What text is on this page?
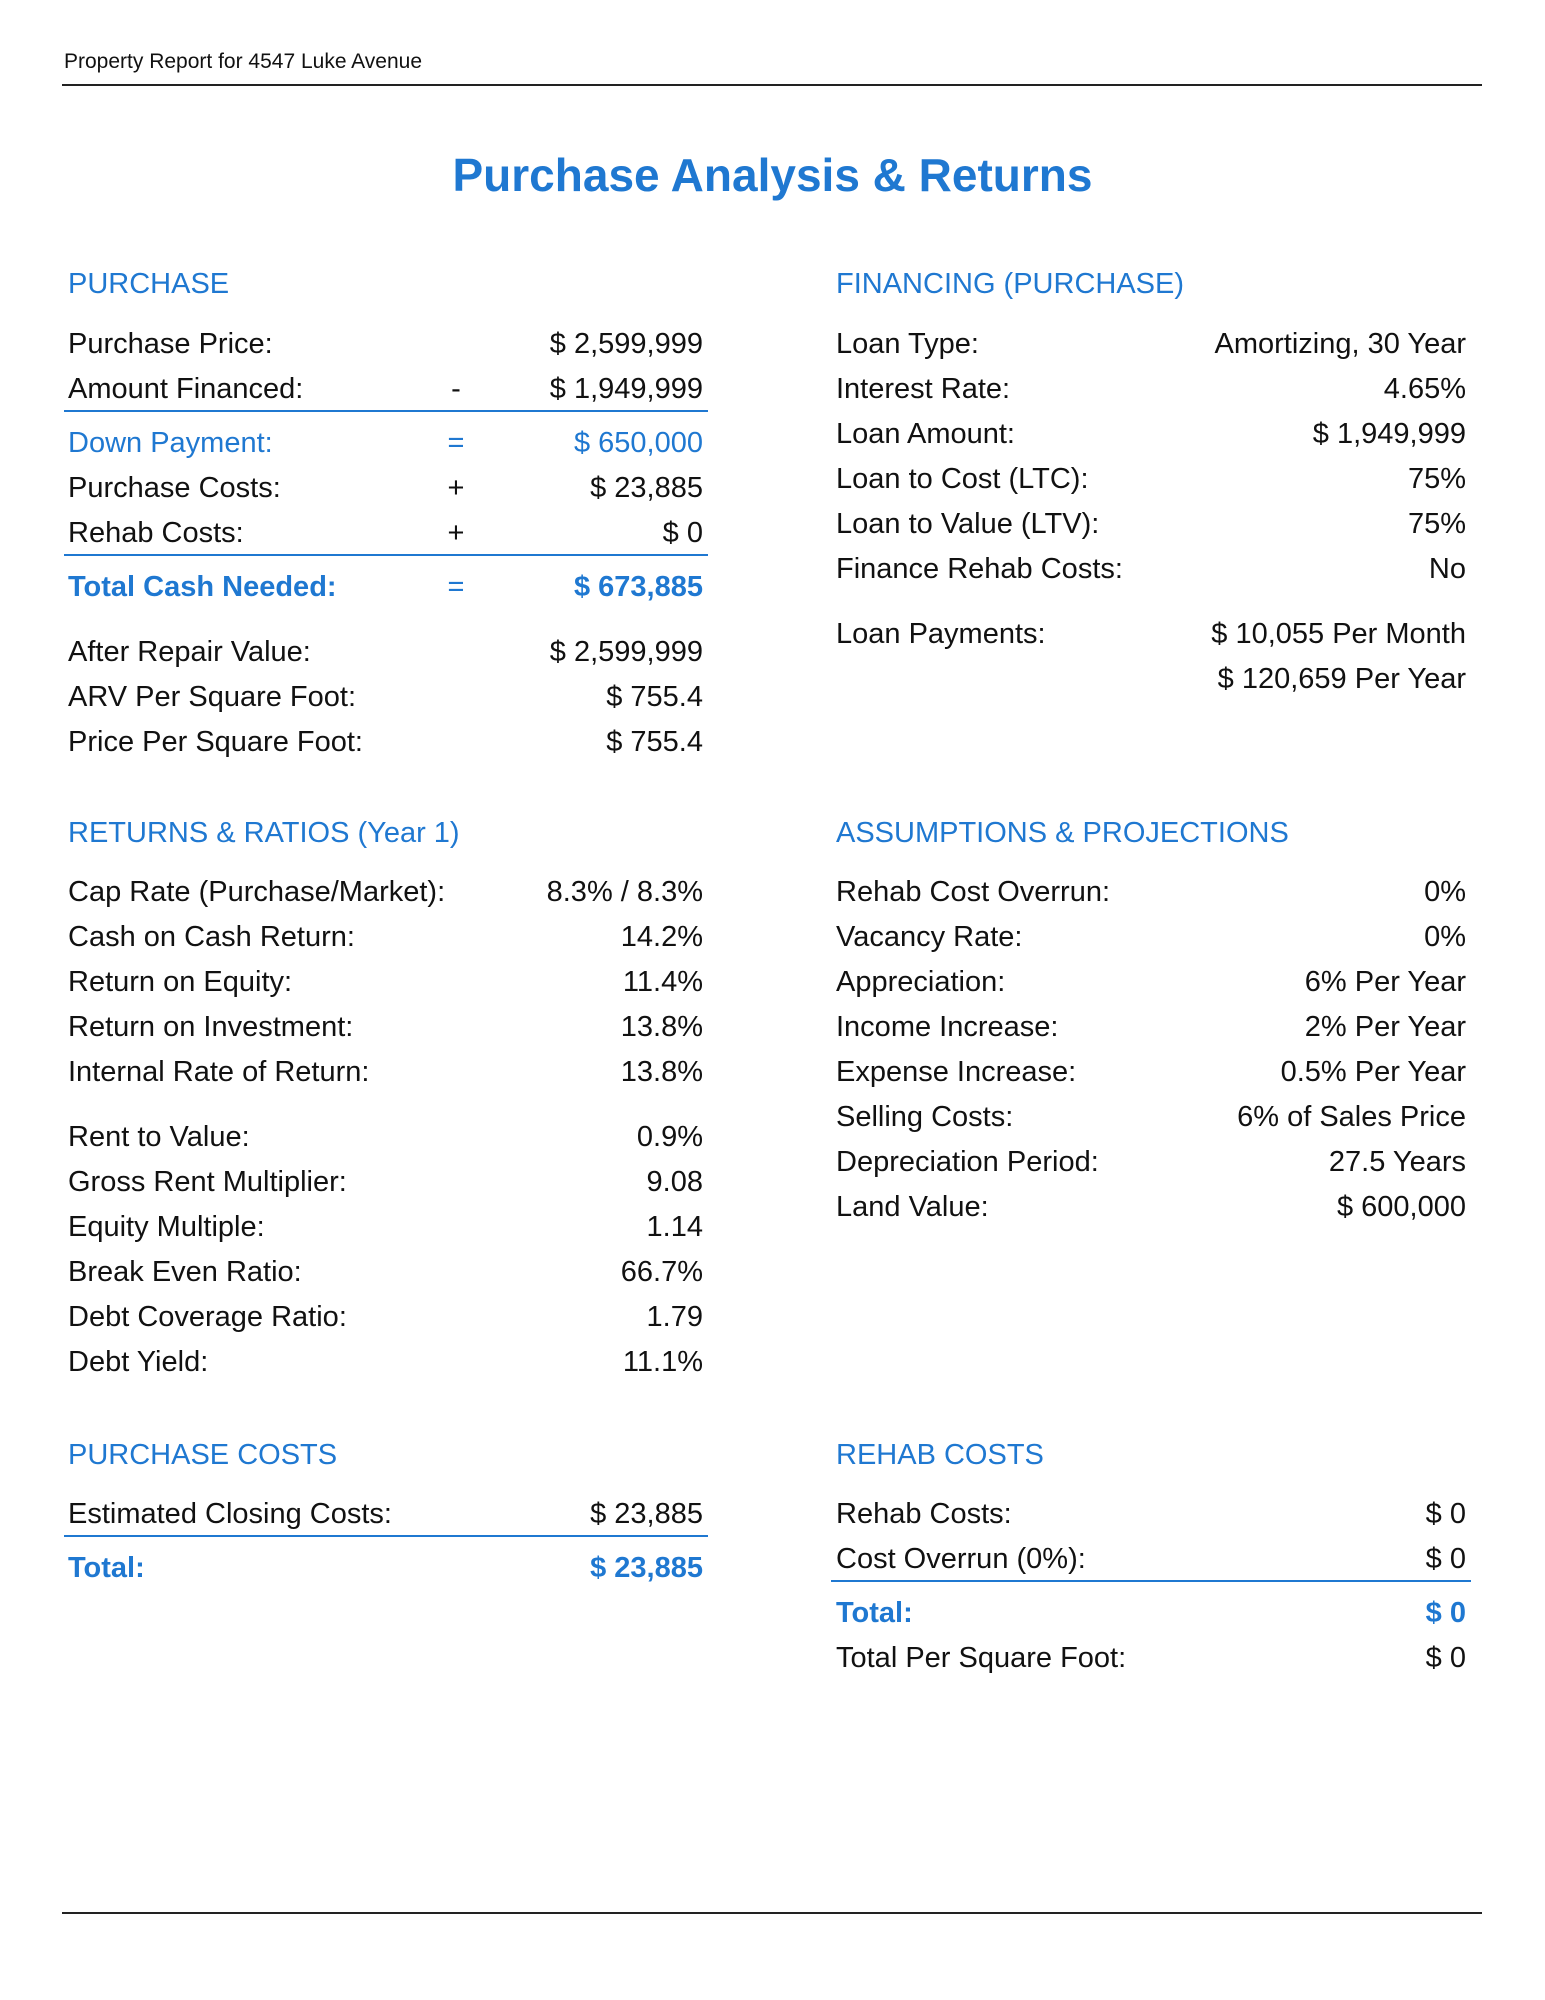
Property Report for 4547 Luke Avenue
Purchase Analysis & Returns
PURCHASE
Purchase Price:	$ 2,599,999
Amount Financed:	-	$ 1,949,999
Down Payment:	=	$ 650,000
Purchase Costs:	+	$ 23,885
Rehab Costs:	+	$ 0
Total Cash Needed:	=	$ 673,885
After Repair Value:	$ 2,599,999
ARV Per Square Foot:	$ 755.4
Price Per Square Foot:	$ 755.4
FINANCING (PURCHASE)
Loan Type:	Amortizing, 30 Year
Interest Rate:	4.65%
Loan Amount:	$ 1,949,999
Loan to Cost (LTC):	75%
Loan to Value (LTV):	75%
Finance Rehab Costs:	No
Loan Payments:	$ 10,055 Per Month
$ 120,659 Per Year
RETURNS & RATIOS (Year 1)
Cap Rate (Purchase/Market):	8.3% / 8.3%
Cash on Cash Return:	14.2%
Return on Equity:	11.4%
Return on Investment:	13.8%
Internal Rate of Return:	13.8%
Rent to Value:	0.9%
Gross Rent Multiplier:	9.08
Equity Multiple:	1.14
Break Even Ratio:	66.7%
Debt Coverage Ratio:	1.79
Debt Yield:	11.1%
ASSUMPTIONS & PROJECTIONS
Rehab Cost Overrun:	0%
Vacancy Rate:	0%
Appreciation:	6% Per Year
Income Increase:	2% Per Year
Expense Increase:	0.5% Per Year
Selling Costs:	6% of Sales Price
Depreciation Period:	27.5 Years
Land Value:	$ 600,000
PURCHASE COSTS
Estimated Closing Costs:	$ 23,885
Total:	$ 23,885
REHAB COSTS
Rehab Costs:	$ 0
Cost Overrun (0%):	$ 0
Total:	$ 0
Total Per Square Foot:	$ 0
